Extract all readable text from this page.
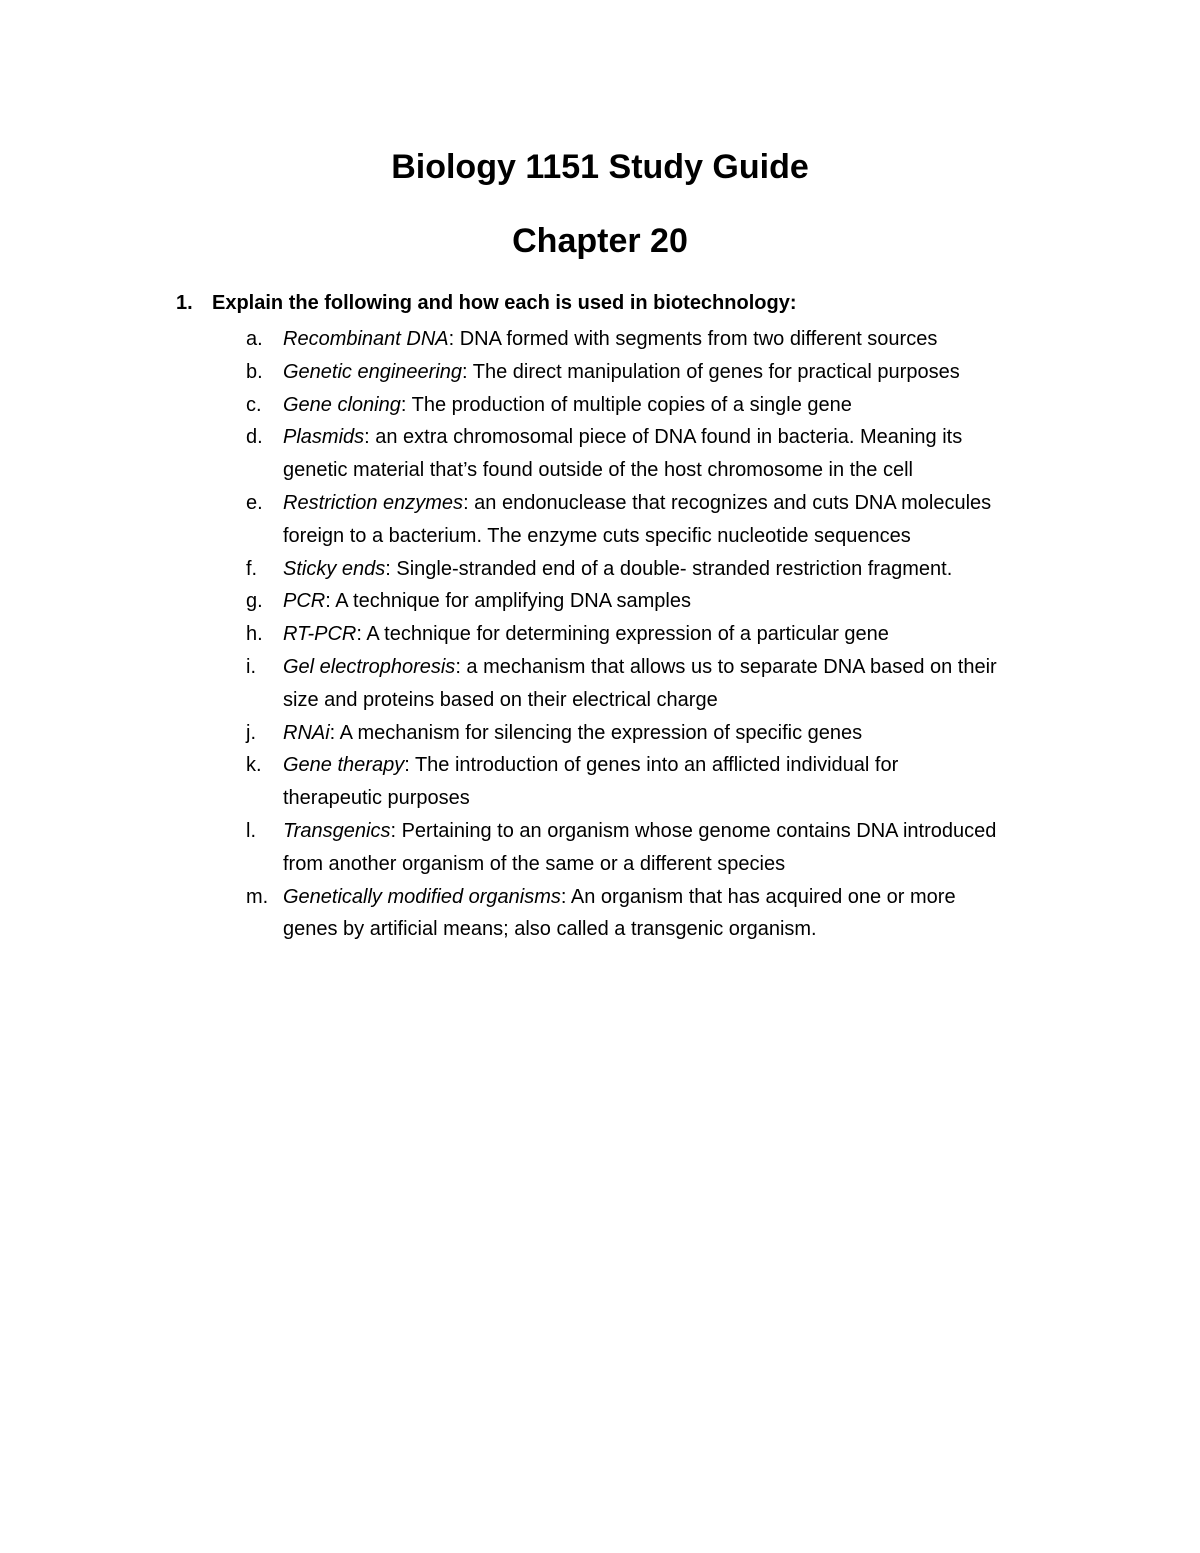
Biology 1151 Study Guide
Chapter 20
1. Explain the following and how each is used in biotechnology:
a. Recombinant DNA: DNA formed with segments from two different sources
b. Genetic engineering: The direct manipulation of genes for practical purposes
c. Gene cloning: The production of multiple copies of a single gene
d. Plasmids: an extra chromosomal piece of DNA found in bacteria. Meaning its
genetic material that’s found outside of the host chromosome in the cell
e. Restriction enzymes: an endonuclease that recognizes and cuts DNA molecules
foreign to a bacterium. The enzyme cuts specific nucleotide sequences
f. Sticky ends: Single-stranded end of a double- stranded restriction fragment.
g. PCR: A technique for amplifying DNA samples
h. RT-PCR: A technique for determining expression of a particular gene
i. Gel electrophoresis: a mechanism that allows us to separate DNA based on their
size and proteins based on their electrical charge
j. RNAi: A mechanism for silencing the expression of specific genes
k. Gene therapy: The introduction of genes into an afflicted individual for
therapeutic purposes
l. Transgenics: Pertaining to an organism whose genome contains DNA introduced
from another organism of the same or a different species
m. Genetically modified organisms: An organism that has acquired one or more
genes by artificial means; also called a transgenic organism.
